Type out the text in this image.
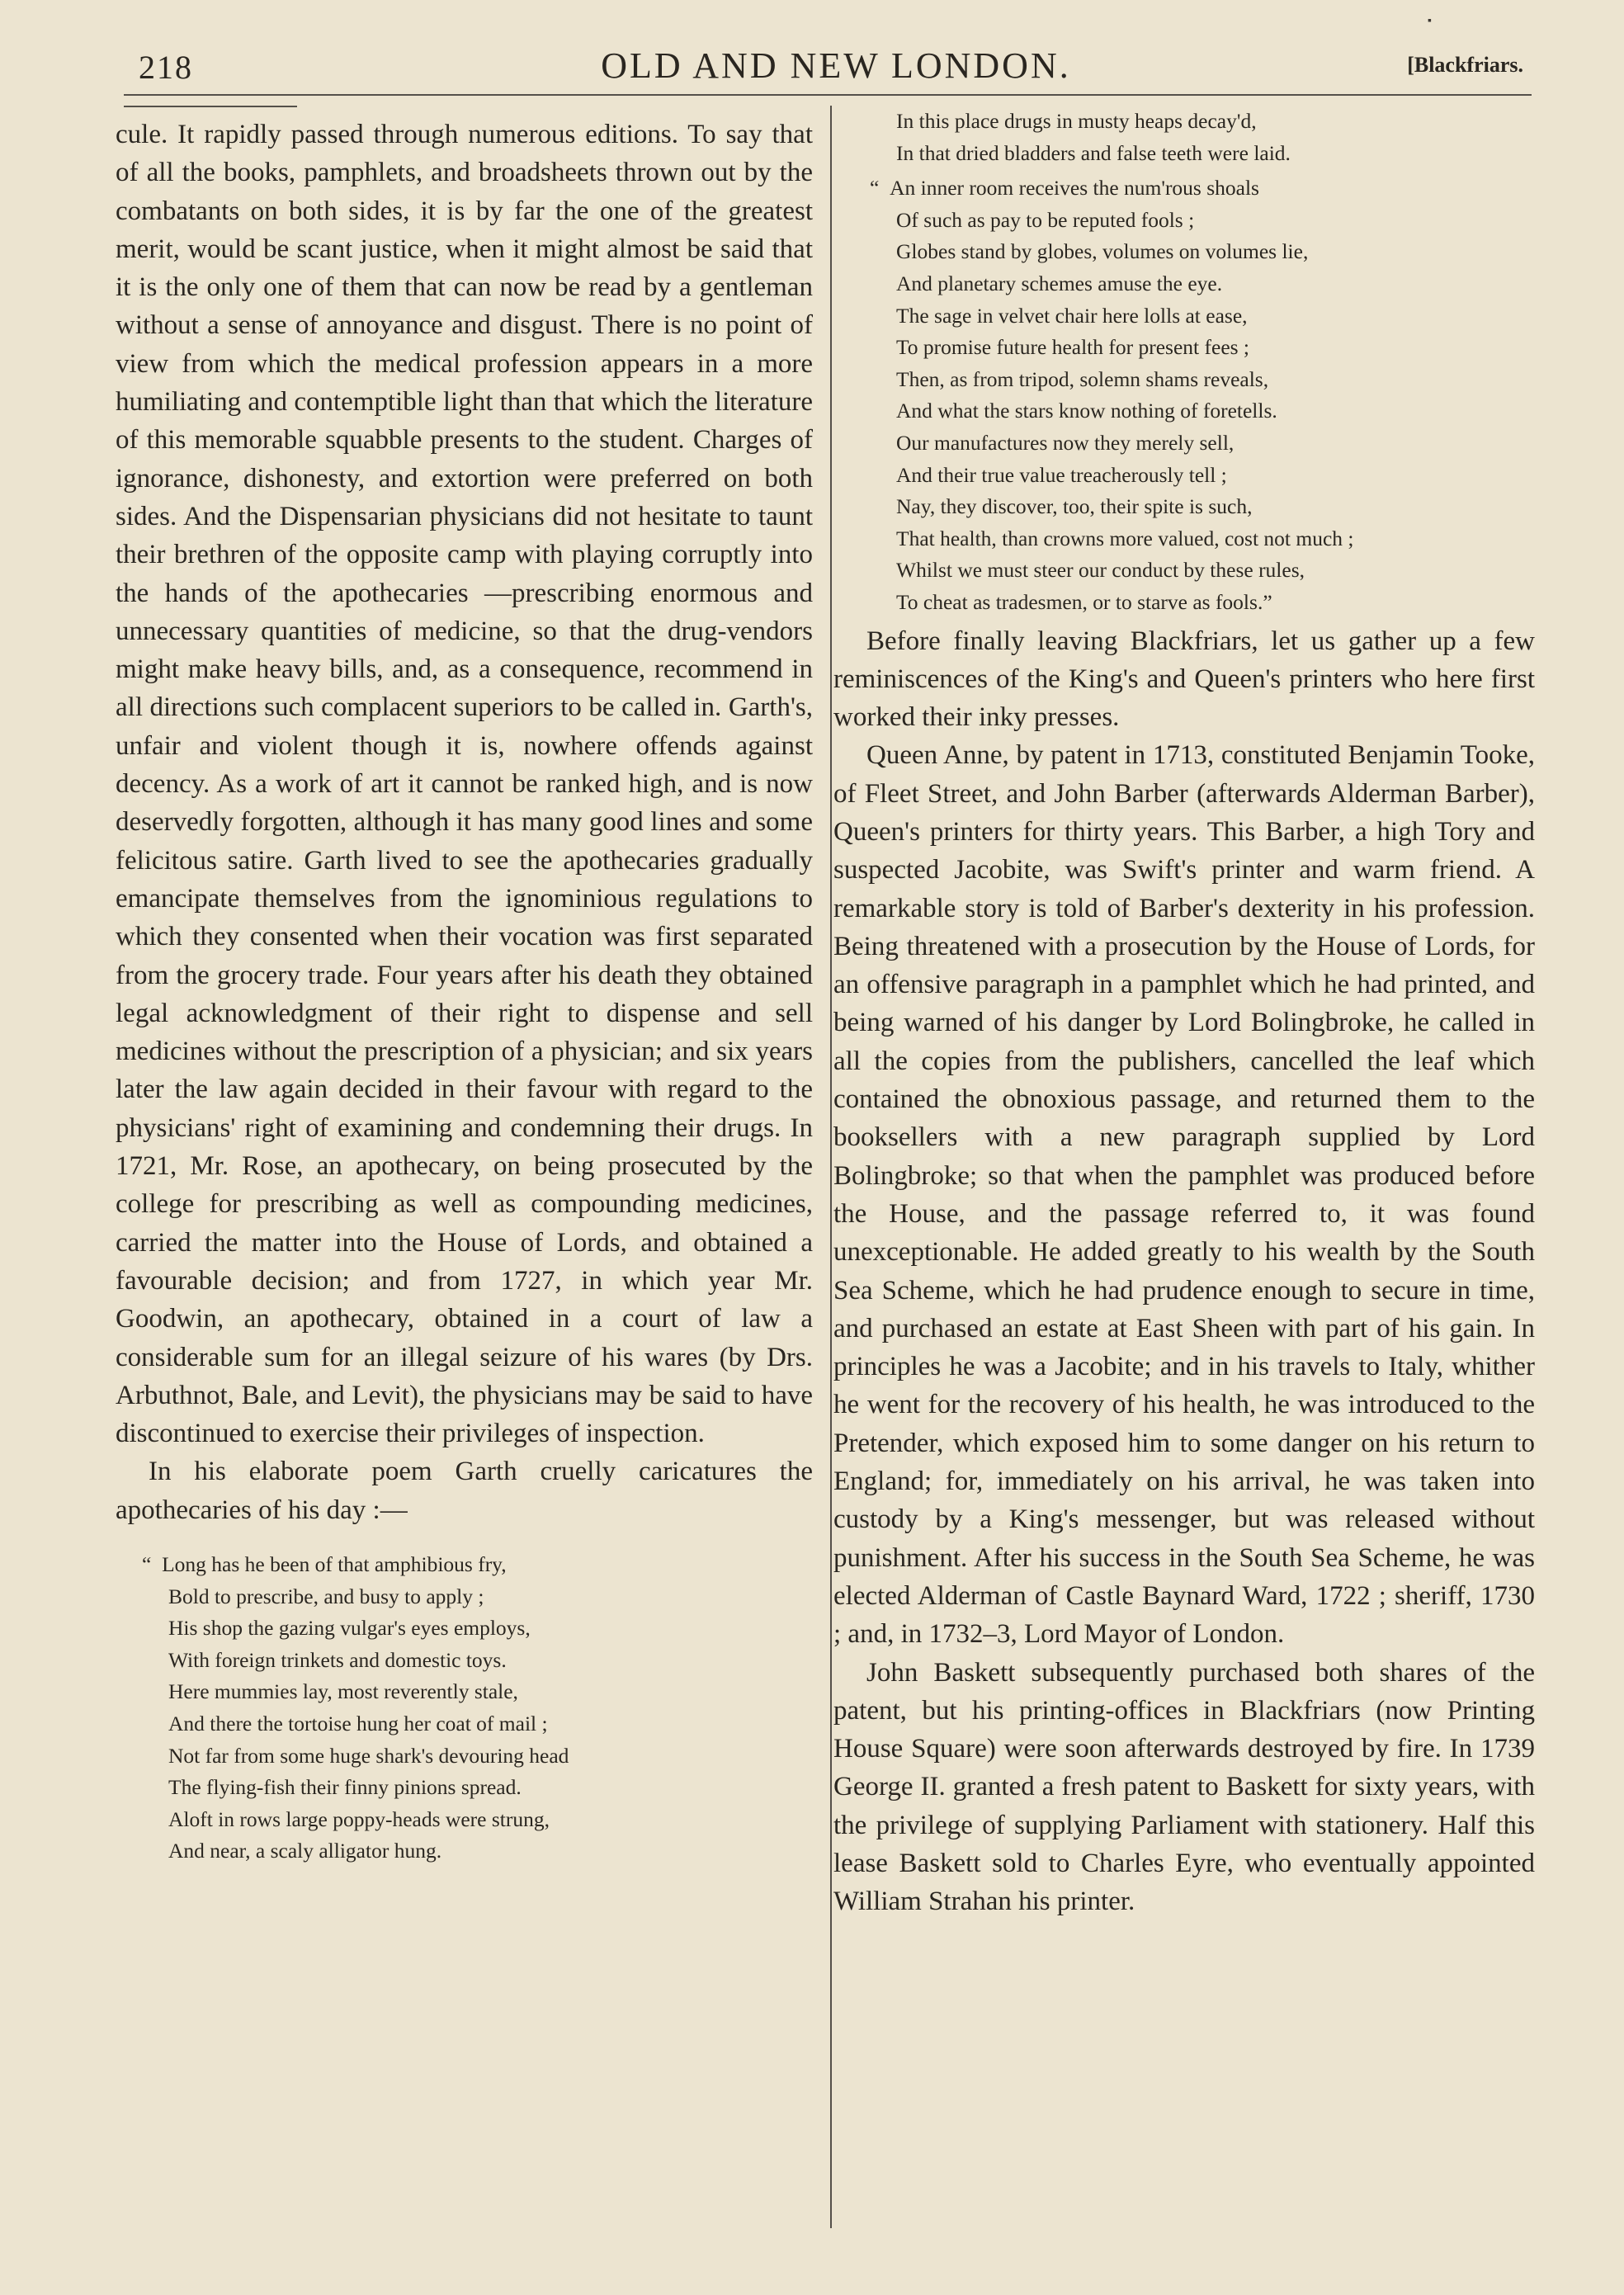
▪
218	OLD AND NEW LONDON.	[Blackfriars.

cule. It rapidly passed through numerous editions. To say that of all the books, pamphlets, and broadsheets thrown out by the combatants on both sides, it is by far the one of the greatest merit, would be scant justice, when it might almost be said that it is the only one of them that can now be read by a gentleman without a sense of annoyance and disgust. There is no point of view from which the medical profession appears in a more humiliating and contemptible light than that which the literature of this memorable squabble presents to the student. Charges of ignorance, dishonesty, and extortion were preferred on both sides. And the Dispensarian physicians did not hesitate to taunt their brethren of the opposite camp with playing corruptly into the hands of the apothecaries —prescribing enormous and unnecessary quantities of medicine, so that the drug-vendors might make heavy bills, and, as a consequence, recommend in all directions such complacent superiors to be called in. Garth's, unfair and violent though it is, nowhere offends against decency. As a work of art it cannot be ranked high, and is now deservedly forgotten, although it has many good lines and some felicitous satire. Garth lived to see the apothecaries gradually emancipate themselves from the ignominious regulations to which they consented when their vocation was first separated from the grocery trade. Four years after his death they obtained legal acknowledgment of their right to dispense and sell medicines without the prescription of a physician; and six years later the law again decided in their favour with regard to the physicians' right of examining and condemning their drugs. In 1721, Mr. Rose, an apothecary, on being prosecuted by the college for prescribing as well as compounding medicines, carried the matter into the House of Lords, and obtained a favourable decision; and from 1727, in which year Mr. Goodwin, an apothecary, obtained in a court of law a considerable sum for an illegal seizure of his wares (by Drs. Arbuthnot, Bale, and Levit), the physicians may be said to have discontinued to exercise their privileges of inspection.

In his elaborate poem Garth cruelly caricatures the apothecaries of his day :—

“  Long has he been of that amphibious fry,
Bold to prescribe, and busy to apply ;
His shop the gazing vulgar's eyes employs,
With foreign trinkets and domestic toys.
Here mummies lay, most reverently stale,
And there the tortoise hung her coat of mail ;
Not far from some huge shark's devouring head
The flying-fish their finny pinions spread.
Aloft in rows large poppy-heads were strung,
And near, a scaly alligator hung.
In this place drugs in musty heaps decay'd,
In that dried bladders and false teeth were laid.
“  An inner room receives the num'rous shoals
Of such as pay to be reputed fools ;
Globes stand by globes, volumes on volumes lie,
And planetary schemes amuse the eye.
The sage in velvet chair here lolls at ease,
To promise future health for present fees ;
Then, as from tripod, solemn shams reveals,
And what the stars know nothing of foretells.
Our manufactures now they merely sell,
And their true value treacherously tell ;
Nay, they discover, too, their spite is such,
That health, than crowns more valued, cost not much ;
Whilst we must steer our conduct by these rules,
To cheat as tradesmen, or to starve as fools.”

Before finally leaving Blackfriars, let us gather up a few reminiscences of the King's and Queen's printers who here first worked their inky presses.

Queen Anne, by patent in 1713, constituted Benjamin Tooke, of Fleet Street, and John Barber (afterwards Alderman Barber), Queen's printers for thirty years. This Barber, a high Tory and suspected Jacobite, was Swift's printer and warm friend. A remarkable story is told of Barber's dexterity in his profession. Being threatened with a prosecution by the House of Lords, for an offensive paragraph in a pamphlet which he had printed, and being warned of his danger by Lord Bolingbroke, he called in all the copies from the publishers, cancelled the leaf which contained the obnoxious passage, and returned them to the booksellers with a new paragraph supplied by Lord Bolingbroke; so that when the pamphlet was produced before the House, and the passage referred to, it was found unexceptionable. He added greatly to his wealth by the South Sea Scheme, which he had prudence enough to secure in time, and purchased an estate at East Sheen with part of his gain. In principles he was a Jacobite; and in his travels to Italy, whither he went for the recovery of his health, he was introduced to the Pretender, which exposed him to some danger on his return to England; for, immediately on his arrival, he was taken into custody by a King's messenger, but was released without punishment. After his success in the South Sea Scheme, he was elected Alderman of Castle Baynard Ward, 1722 ; sheriff, 1730 ; and, in 1732–3, Lord Mayor of London.

John Baskett subsequently purchased both shares of the patent, but his printing-offices in Blackfriars (now Printing House Square) were soon afterwards destroyed by fire. In 1739 George II. granted a fresh patent to Baskett for sixty years, with the privilege of supplying Parliament with stationery. Half this lease Baskett sold to Charles Eyre, who eventually appointed William Strahan his printer.
